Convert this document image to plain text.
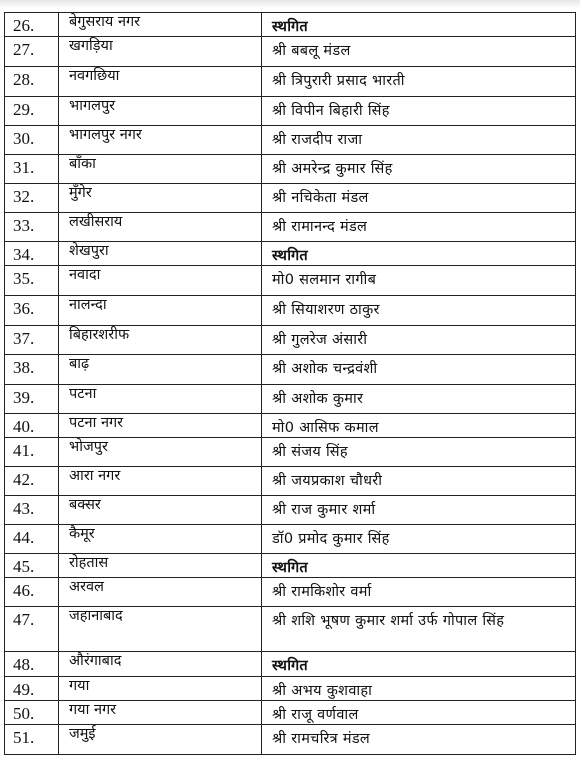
26.	बेगुसराय नगर	स्थगित
27.	खगड़िया	श्री बबलू मंडल
28.	नवगछिया	श्री त्रिपुरारी प्रसाद भारती
29.	भागलपुर	श्री विपीन बिहारी सिंह
30.	भागलपुर नगर	श्री राजदीप राजा
31.	बाँका	श्री अमरेन्द्र कुमार सिंह
32.	मुँगेर	श्री नचिकेता मंडल
33.	लखीसराय	श्री रामानन्द मंडल
34.	शेखपुरा	स्थगित
35.	नवादा	मो0 सलमान रागीब
36.	नालन्दा	श्री सियाशरण ठाकुर
37.	बिहारशरीफ	श्री गुलरेज अंसारी
38.	बाढ़	श्री अशोक चन्द्रवंशी
39.	पटना	श्री अशोक कुमार
40.	पटना नगर	मो0 आसिफ कमाल
41.	भोजपुर	श्री संजय सिंह
42.	आरा नगर	श्री जयप्रकाश चौधरी
43.	बक्सर	श्री राज कुमार शर्मा
44.	कैमूर	डॉ0 प्रमोद कुमार सिंह
45.	रोहतास	स्थगित
46.	अरवल	श्री रामकिशोर वर्मा
47.	जहानाबाद	श्री शशि भूषण कुमार शर्मा उर्फ गोपाल सिंह
48.	औरंगाबाद	स्थगित
49.	गया	श्री अभय कुशवाहा
50.	गया नगर	श्री राजू वर्णवाल
51.	जमुई	श्री रामचरित्र मंडल
